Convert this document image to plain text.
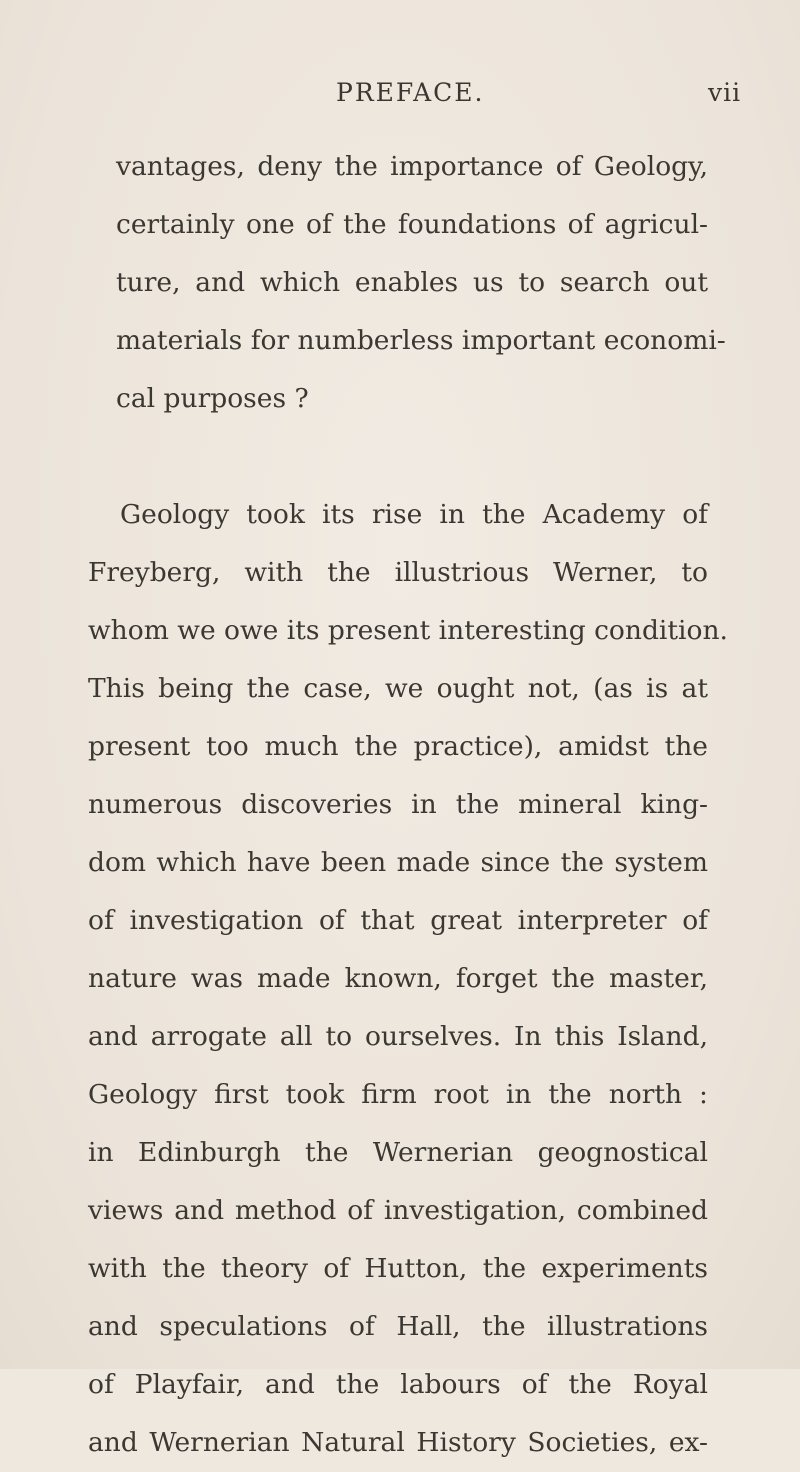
PREFACE.	vii
vantages, deny the importance of Geology,
certainly one of the foundations of agricul-
ture, and which enables us to search out
materials for numberless important economi-
cal purposes ?
Geology took its rise in the Academy of
Freyberg, with the illustrious Werner, to
whom we owe its present interesting condition.
This being the case, we ought not, (as is at
present too much the practice), amidst the
numerous discoveries in the mineral king-
dom which have been made since the system
of investigation of that great interpreter of
nature was made known, forget the master,
and arrogate all to ourselves. In this Island,
Geology first took firm root in the north :
in Edinburgh the Wernerian geognostical
views and method of investigation, combined
with the theory of Hutton, the experiments
and speculations of Hall, the illustrations
of Playfair, and the labours of the Royal
and Wernerian Natural History Societies, ex-
